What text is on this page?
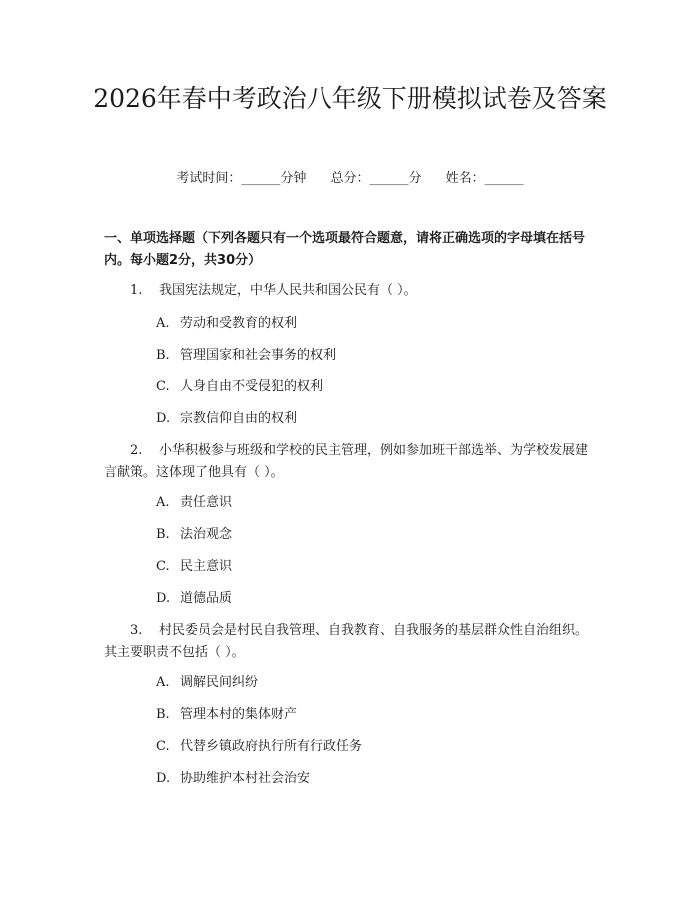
2026年春中考政治八年级下册模拟试卷及答案
考试时间：______分钟 总分：______分 姓名：______

一、单项选择题（下列各题只有一个选项最符合题意，请将正确选项的字母填在括号内。每小题2分，共30分）

1. 我国宪法规定，中华人民共和国公民有（ ）。

A. 劳动和受教育的权利

B. 管理国家和社会事务的权利

C. 人身自由不受侵犯的权利

D. 宗教信仰自由的权利

2. 小华积极参与班级和学校的民主管理，例如参加班干部选举、为学校发展建言献策。这体现了他具有（ ）。

A. 责任意识

B. 法治观念

C. 民主意识

D. 道德品质

3. 村民委员会是村民自我管理、自我教育、自我服务的基层群众性自治组织。其主要职责不包括（ ）。

A. 调解民间纠纷

B. 管理本村的集体财产

C. 代替乡镇政府执行所有行政任务

D. 协助维护本村社会治安
